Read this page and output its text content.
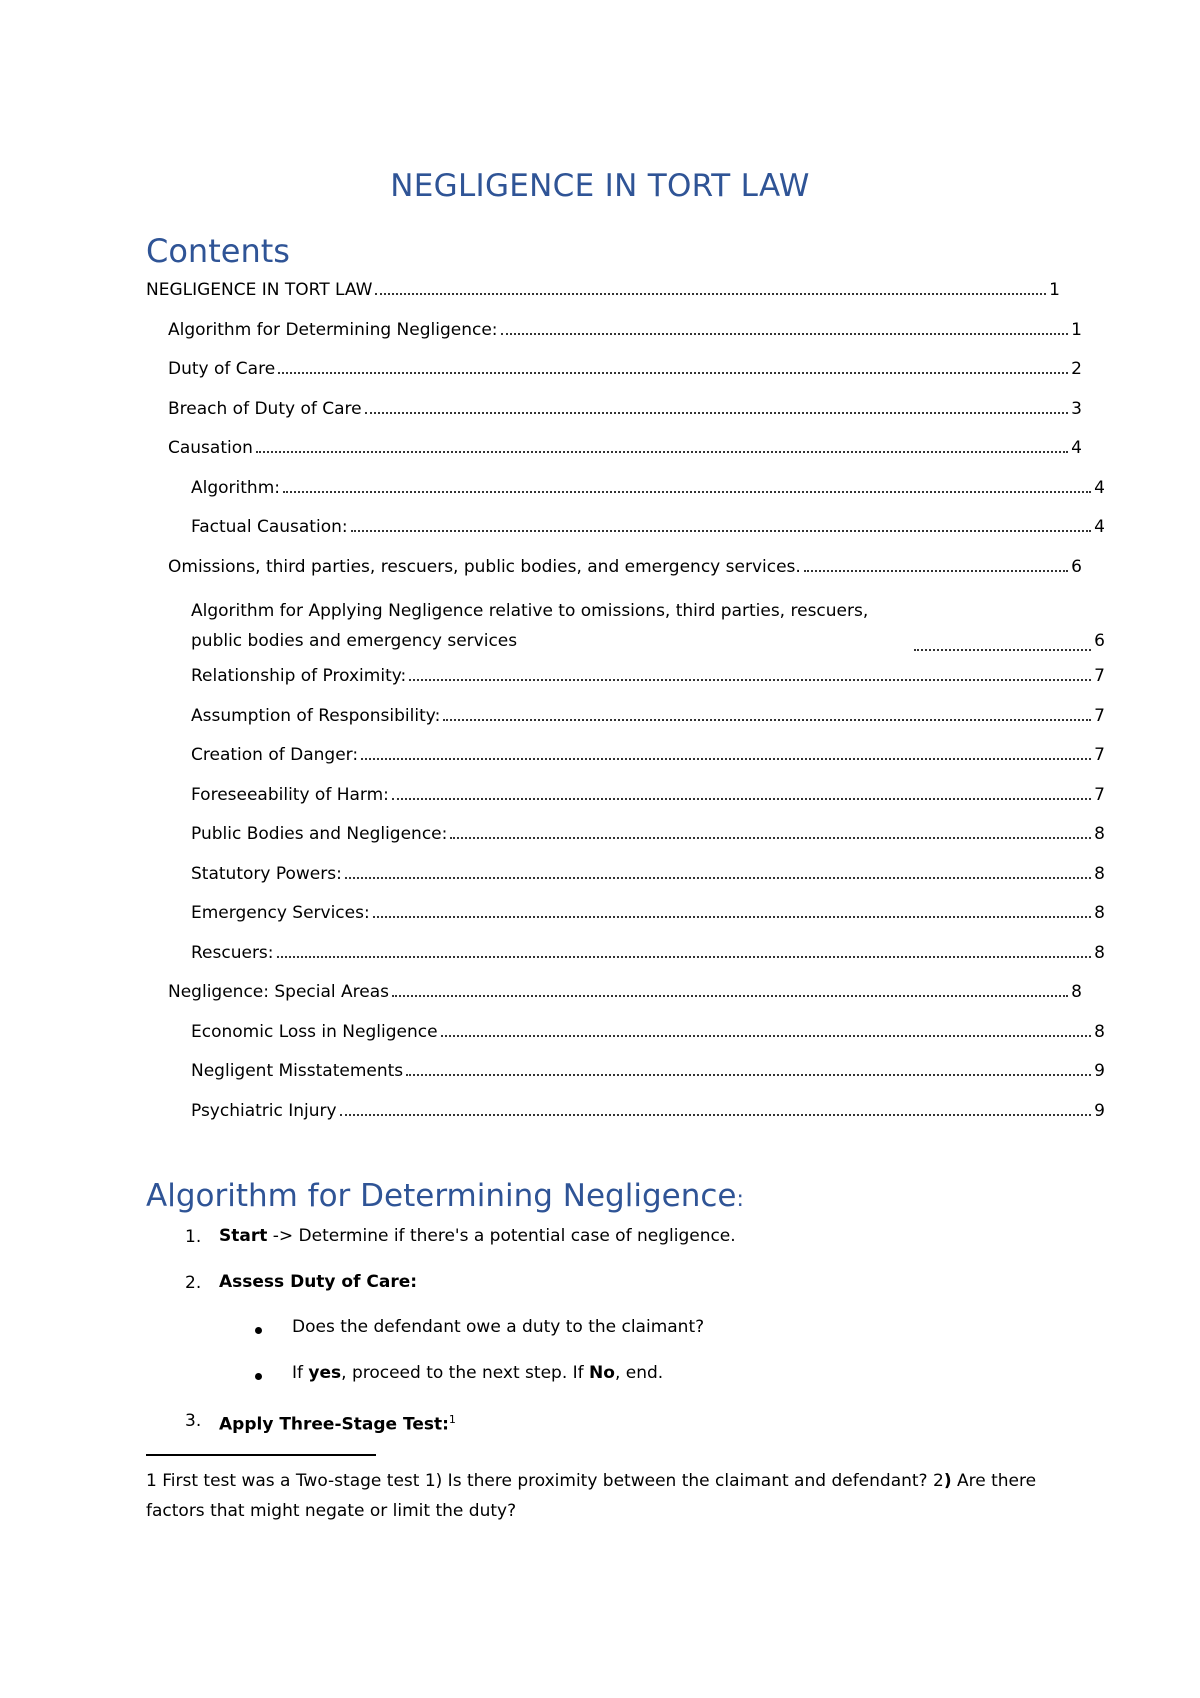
NEGLIGENCE IN TORT LAW
Contents
NEGLIGENCE IN TORT LAW	1
Algorithm for Determining Negligence:	1
Duty of Care	2
Breach of Duty of Care	3
Causation	4
Algorithm:	4
Factual Causation:	4
Omissions, third parties, rescuers, public bodies, and emergency services.	6
Algorithm for Applying Negligence relative to omissions, third parties, rescuers, public bodies and emergency services	6
Relationship of Proximity:	7
Assumption of Responsibility:	7
Creation of Danger:	7
Foreseeability of Harm:	7
Public Bodies and Negligence:	8
Statutory Powers:	8
Emergency Services:	8
Rescuers:	8
Negligence: Special Areas	8
Economic Loss in Negligence	8
Negligent Misstatements	9
Psychiatric Injury	9
Algorithm for Determining Negligence:
1. Start -> Determine if there's a potential case of negligence.
2. Assess Duty of Care:
Does the defendant owe a duty to the claimant?
If yes, proceed to the next step. If No, end.
3. Apply Three-Stage Test:$^1$
1 First test was a Two-stage test 1) Is there proximity between the claimant and defendant? 2) Are there factors that might negate or limit the duty?
